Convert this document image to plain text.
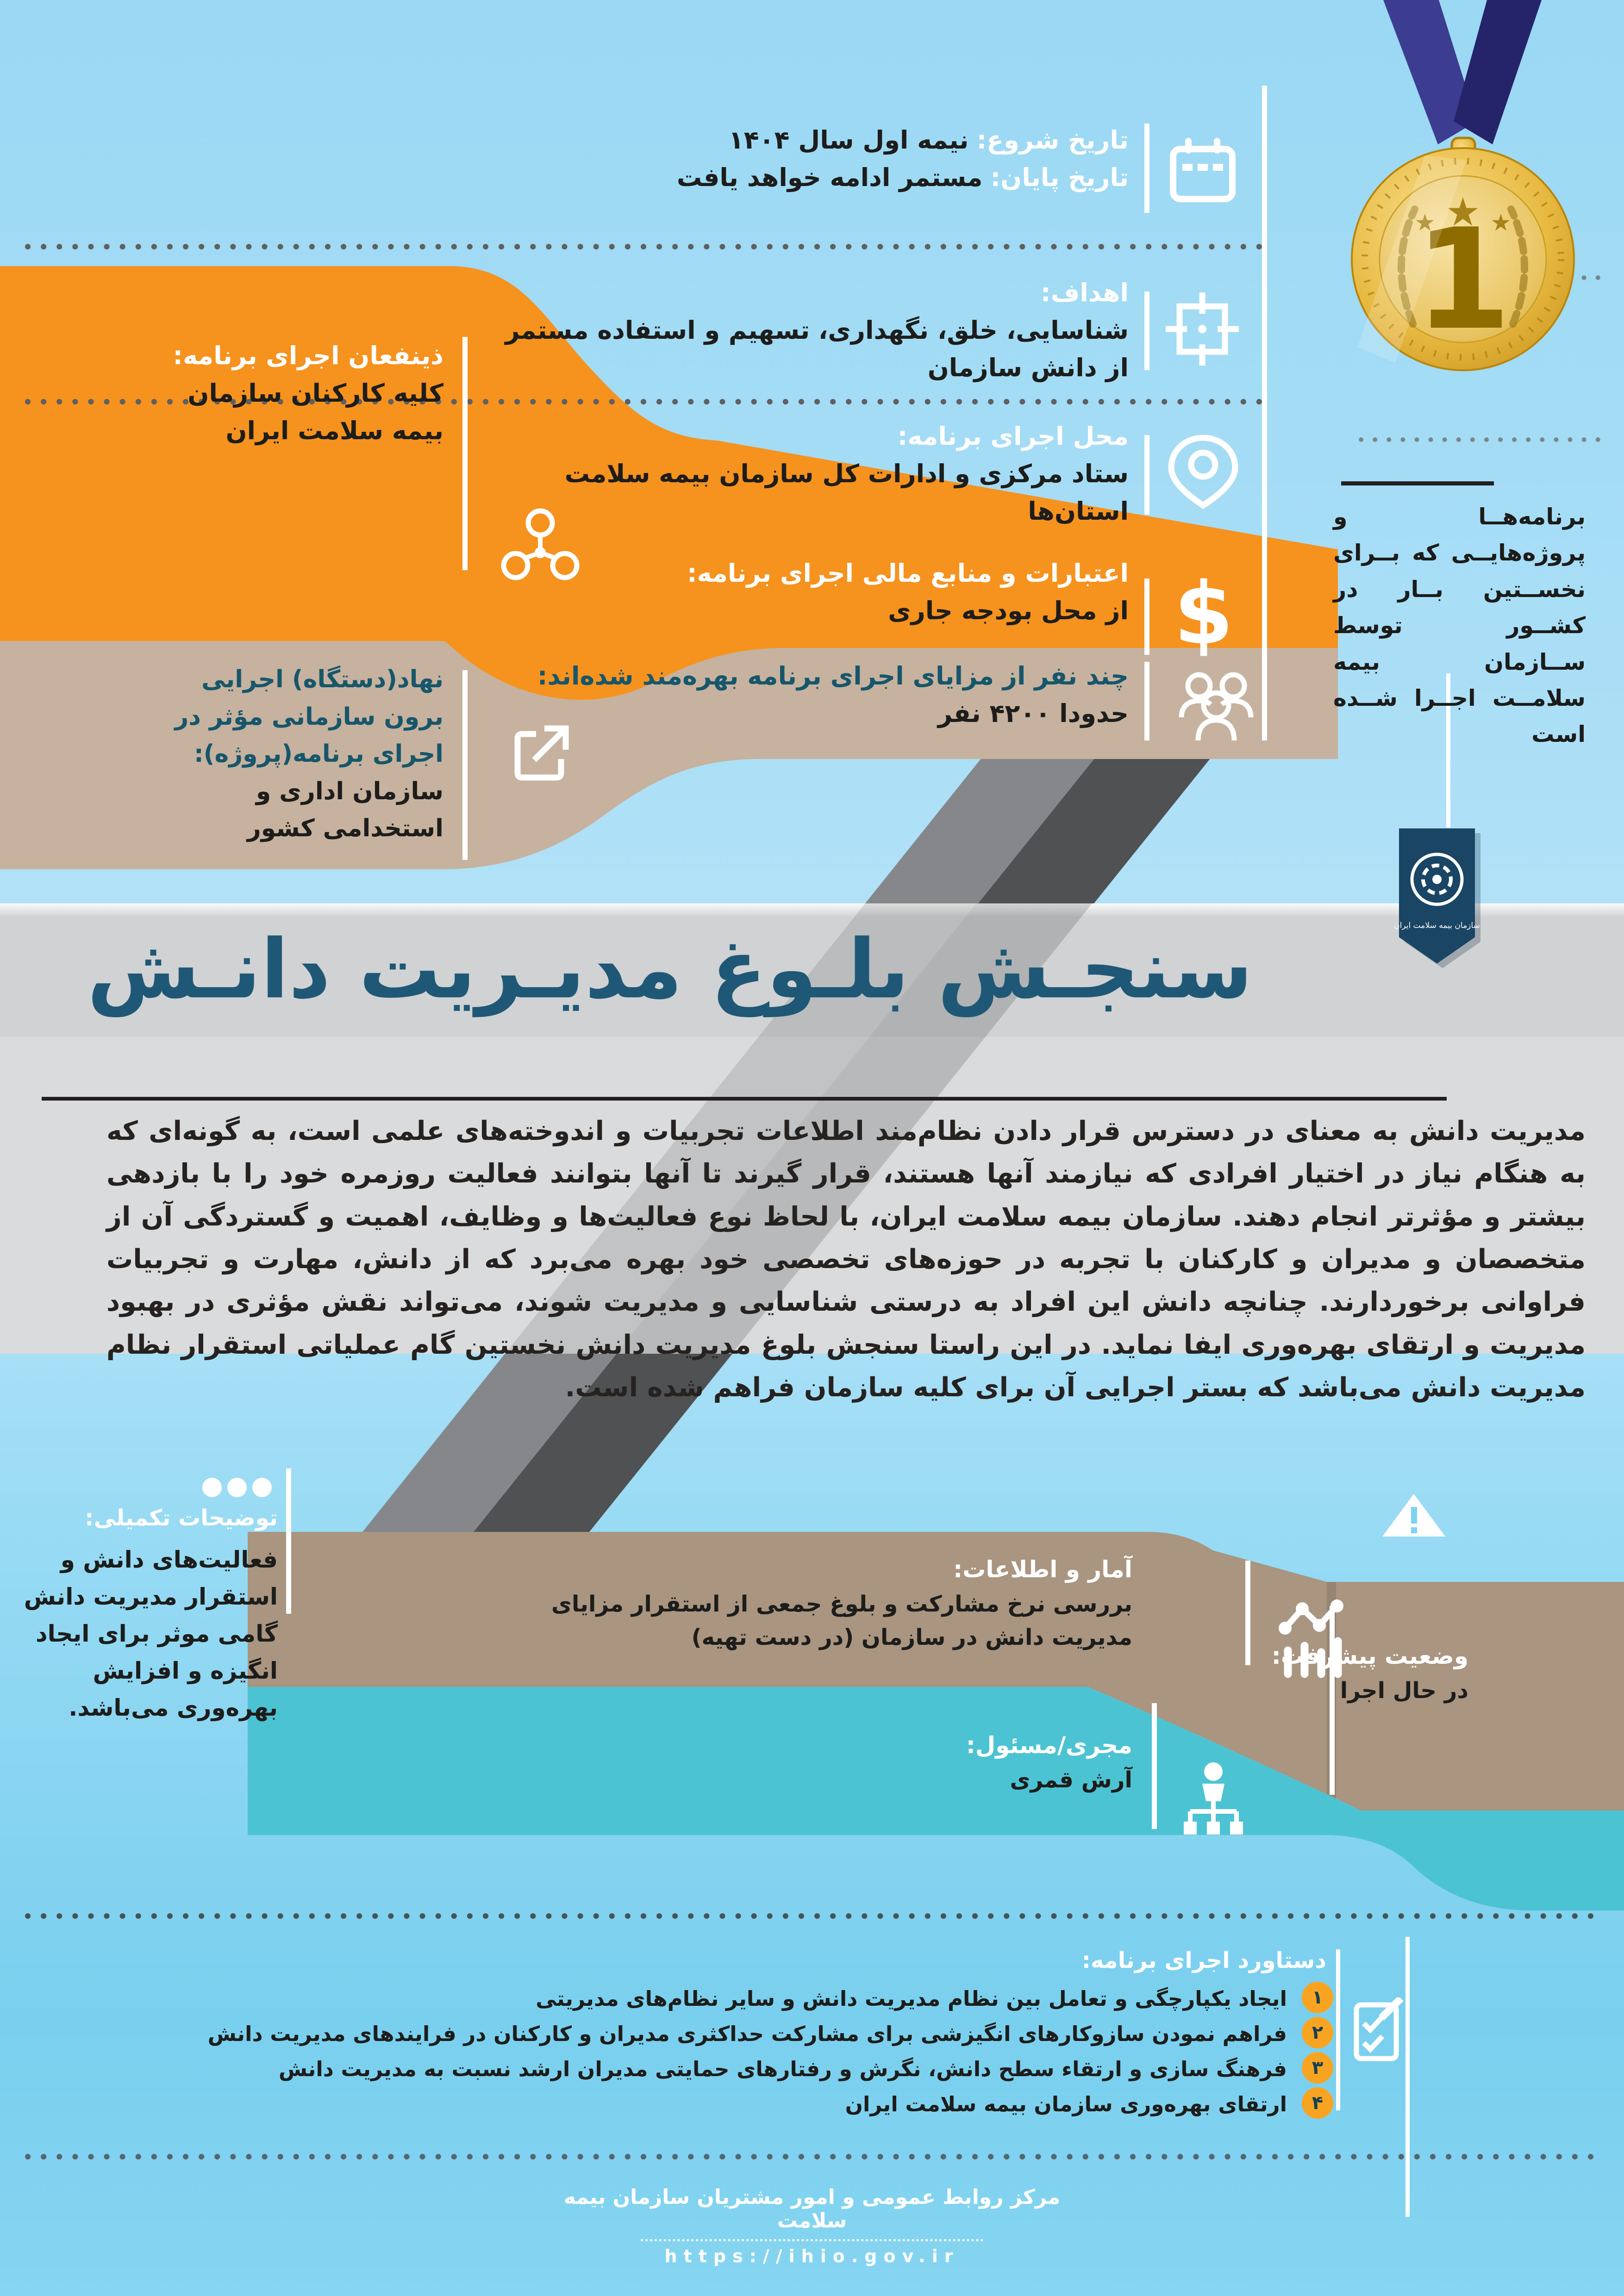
1
سازمان بیمه سلامت ایران
$
تاریخ شروع: نیمه اول سال ۱۴۰۴
تاریخ پایان: مستمر ادامه خواهد یافت
اهداف:
شناسایی، خلق، نگهداری، تسهیم و استفاده مستمر از دانش سازمان
محل اجرای برنامه:
ستاد مرکزی و ادارات کل سازمان بیمه سلامت استان‌ها
اعتبارات و منابع مالی اجرای برنامه:
از محل بودجه جاری
چند نفر از مزایای اجرای برنامه بهره‌مند شده‌اند:
حدودا ۴۲۰۰ نفر
برنامه‌هــا و پروژه‌هایــی که بــرای نخســتین بــار در کشــور توسط ســازمان بیمه سلامــت اجــرا شــده است
ذینفعان اجرای برنامه:
کلیه کارکنان سازمان بیمه سلامت ایران
نهاد(دستگاه) اجرایی برون سازمانی مؤثر در اجرای برنامه(پروژه):
سازمان اداری و استخدامی کشور
سنجـش بلـوغ مدیـریت دانـش
مدیریت دانش به معنای در دسترس قرار دادن نظام‌مند اطلاعات تجربیات و اندوخته‌های علمی است، به گونه‌ای که به هنگام نیاز در اختیار افرادی که نیازمند آنها هستند، قرار گیرند تا آنها بتوانند فعالیت روزمره خود را با بازدهی بیشتر و مؤثرتر انجام دهند. سازمان بیمه سلامت ایران، با لحاظ نوع فعالیت‌ها و وظایف، اهمیت و گستردگی آن از متخصصان و مدیران و کارکنان با تجربه در حوزه‌های تخصصی خود بهره می‌برد که از دانش، مهارت و تجربیات فراوانی برخوردارند. چنانچه دانش این افراد به درستی شناسایی و مدیریت شوند، می‌تواند نقش مؤثری در بهبود مدیریت و ارتقای بهره‌وری ایفا نماید. در این راستا سنجش بلوغ مدیریت دانش نخستین گام عملیاتی استقرار نظام مدیریت دانش می‌باشد که بستر اجرایی آن برای کلیه سازمان فراهم شده است.
توضیحات تکمیلی:
فعالیت‌های دانش و استقرار مدیریت دانش گامی موثر برای ایجاد انگیزه و افزایش بهره‌وری می‌باشد.
آمار و اطلاعات:
بررسی نرخ مشارکت و بلوغ جمعی از استقرار مزایای مدیریت دانش در سازمان (در دست تهیه)
مجری/مسئول:
آرش قمری
وضعیت پیشرفت:
در حال اجرا
دستاورد اجرای برنامه:
ایجاد یکپارچگی و تعامل بین نظام مدیریت دانش و سایر نظام‌های مدیریتی
فراهم نمودن سازوکارهای انگیزشی برای مشارکت حداکثری مدیران و کارکنان در فرایندهای مدیریت دانش
فرهنگ سازی و ارتقاء سطح دانش، نگرش و رفتارهای حمایتی مدیران ارشد نسبت به مدیریت دانش
ارتقای بهره‌وری سازمان بیمه سلامت ایران
۱
۲
۳
۴
مرکز روابط عمومی و امور مشتریان سازمان بیمه سلامت
https://ihio.gov.ir
